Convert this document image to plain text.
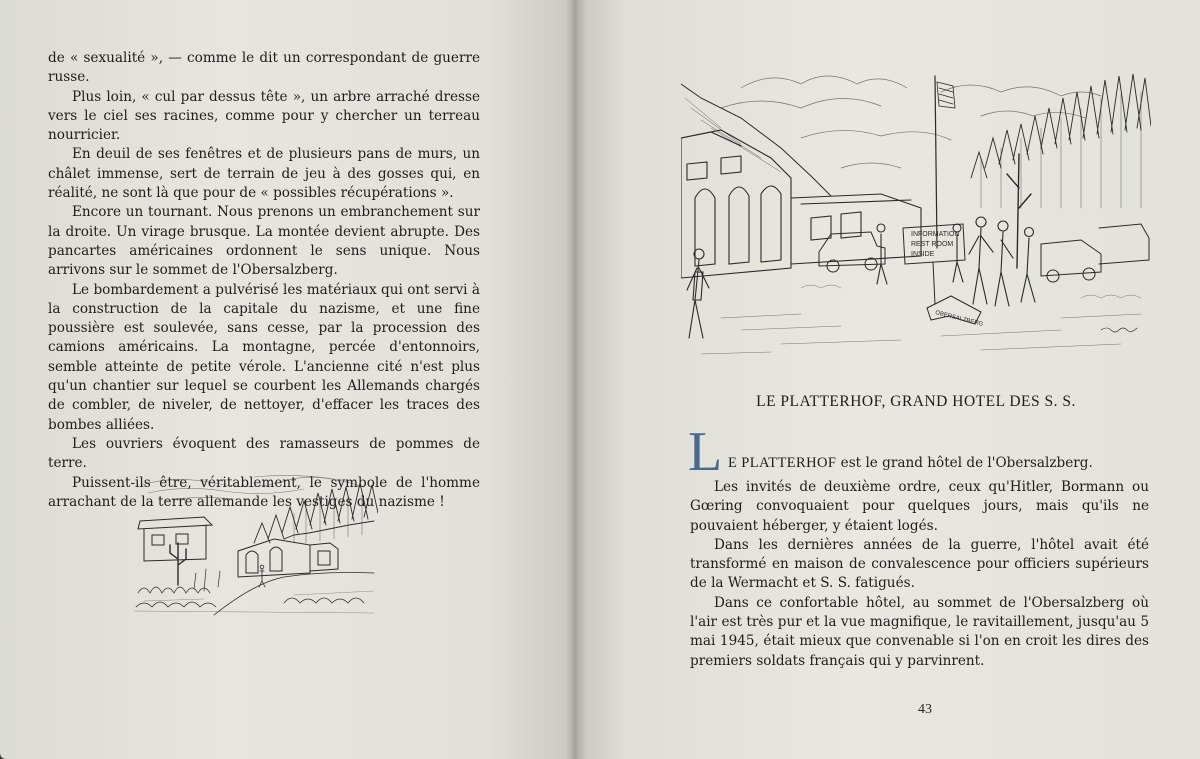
de « sexualité », — comme le dit un correspondant de guerre russe.

Plus loin, « cul par dessus tête », un arbre arraché dresse vers le ciel ses racines, comme pour y chercher un terreau nourricier.

En deuil de ses fenêtres et de plusieurs pans de murs, un châlet immense, sert de terrain de jeu à des gosses qui, en réalité, ne sont là que pour de « possibles récupérations ».

Encore un tournant. Nous prenons un embranchement sur la droite. Un virage brusque. La montée devient abrupte. Des pancartes américaines ordonnent le sens unique. Nous arrivons sur le sommet de l'Obersalzberg.

Le bombardement a pulvérisé les matériaux qui ont servi à la construction de la capitale du nazisme, et une fine poussière est soulevée, sans cesse, par la procession des camions américains. La montagne, percée d'entonnoirs, semble atteinte de petite vérole. L'ancienne cité n'est plus qu'un chantier sur lequel se courbent les Allemands chargés de combler, de niveler, de nettoyer, d'effacer les traces des bombes alliées.

Les ouvriers évoquent des ramasseurs de pommes de terre.

Puissent-ils être, véritablement, le symbole de l'homme arrachant de la terre allemande les vestiges du nazisme !

INFORMATION
REST ROOM
INSIDE
OBERSALZBERG
LE PLATTERHOF, GRAND HOTEL DES S. S.
L E PLATTERHOF est le grand hôtel de l'Obersalzberg.

Les invités de deuxième ordre, ceux qu'Hitler, Bormann ou Gœring convoquaient pour quelques jours, mais qu'ils ne pouvaient héberger, y étaient logés.

Dans les dernières années de la guerre, l'hôtel avait été transformé en maison de convalescence pour officiers supérieurs de la Wermacht et S. S. fatigués.

Dans ce confortable hôtel, au sommet de l'Obersalzberg où l'air est très pur et la vue magnifique, le ravitaillement, jusqu'au 5 mai 1945, était mieux que convenable si l'on en croit les dires des premiers soldats français qui y parvinrent.

43
